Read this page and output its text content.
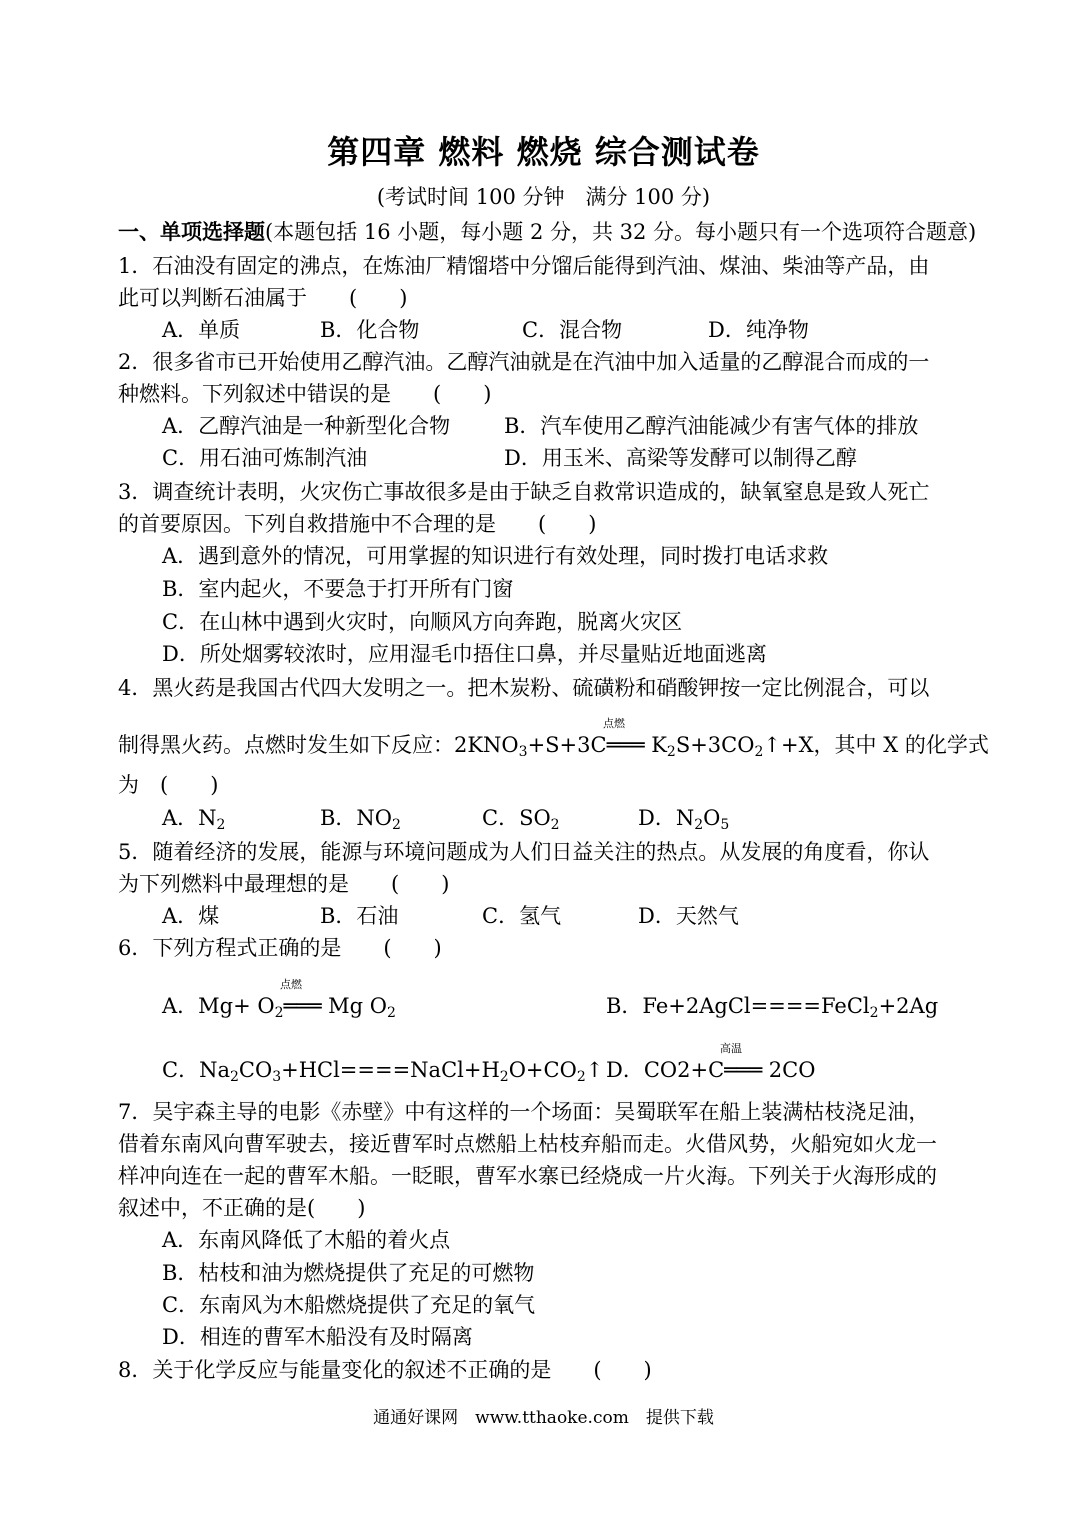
第四章 燃料 燃烧 综合测试卷
(考试时间 100 分钟　满分 100 分)
一、单项选择题(本题包括 16 小题，每小题 2 分，共 32 分。每小题只有一个选项符合题意)
1．石油没有固定的沸点，在炼油厂精馏塔中分馏后能得到汽油、煤油、柴油等产品，由
此可以判断石油属于　　(　　)
A．单质	B．化合物	C．混合物	D．纯净物
2．很多省市已开始使用乙醇汽油。乙醇汽油就是在汽油中加入适量的乙醇混合而成的一
种燃料。下列叙述中错误的是　　(　　)
A．乙醇汽油是一种新型化合物	B．汽车使用乙醇汽油能减少有害气体的排放
C．用石油可炼制汽油	D．用玉米、高梁等发酵可以制得乙醇
3．调查统计表明，火灾伤亡事故很多是由于缺乏自救常识造成的，缺氧窒息是致人死亡
的首要原因。下列自救措施中不合理的是　　(　　)
A．遇到意外的情况，可用掌握的知识进行有效处理，同时拨打电话求救
B．室内起火，不要急于打开所有门窗
C．在山林中遇到火灾时，向顺风方向奔跑，脱离火灾区
D．所处烟雾较浓时，应用湿毛巾捂住口鼻，并尽量贴近地面逃离
4．黑火药是我国古代四大发明之一。把木炭粉、硫磺粉和硝酸钾按一定比例混合，可以
点燃
制得黑火药。点燃时发生如下反应：$2KNO_3+S+3C═══$ $K_2S+3CO_2↑+X$，其中 X 的化学式
为　(　　)
A．$N_2$	B．$NO_2$	C．$SO_2$	D．$N_2O_5$
5．随着经济的发展，能源与环境问题成为人们日益关注的热点。从发展的角度看，你认
为下列燃料中最理想的是　　(　　)
A．煤	B．石油	C．氢气	D．天然气
6．下列方程式正确的是　　(　　)
点燃
A．$Mg+ O_2═══$ Mg $O_2$	B．Fe+2AgCl====FeCl$_2$+2Ag
C．$Na_2CO_3+HCl====NaCl+H_2O+CO_2↑$
高温
D．CO2+C═══ 2CO
7．吴宇森主导的电影《赤壁》中有这样的一个场面：吴蜀联军在船上装满枯枝浇足油，
借着东南风向曹军驶去，接近曹军时点燃船上枯枝弃船而走。火借风势，火船宛如火龙一
样冲向连在一起的曹军木船。一眨眼，曹军水寨已经烧成一片火海。下列关于火海形成的
叙述中，不正确的是(　　)
A．东南风降低了木船的着火点
B．枯枝和油为燃烧提供了充足的可燃物
C．东南风为木船燃烧提供了充足的氧气
D．相连的曹军木船没有及时隔离
8．关于化学反应与能量变化的叙述不正确的是　　(　　)
通通好课网　www.tthaoke.com　提供下载
